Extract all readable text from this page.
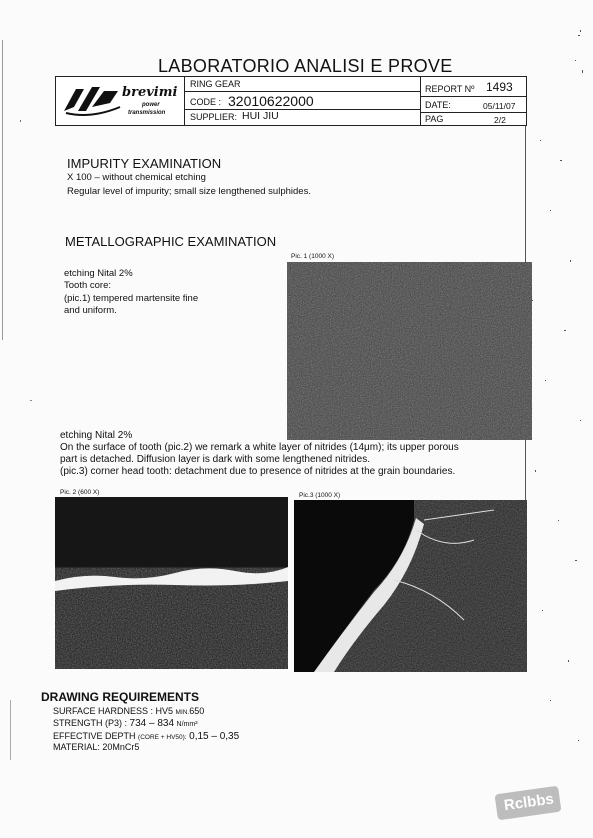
LABORATORIO ANALISI E PROVE
brevimi
power
transmission
RING GEAR
CODE : 32010622000
SUPPLIER: HUI JIU
REPORT Nº 1493
DATE:	05/11/07
PAG	2/2
IMPURITY EXAMINATION
X 100 – without chemical etching
Regular level of impurity; small size lengthened sulphides.
METALLOGRAPHIC EXAMINATION
etching Nital 2%
Tooth core:
(pic.1) tempered martensite fine
and uniform.
Pic. 1 (1000 X)
etching Nital 2%
On the surface of tooth (pic.2) we remark a white layer of nitrides (14μm); its upper porous
part is detached. Diffusion layer is dark with some lengthened nitrides.
(pic.3) corner head tooth: detachment due to presence of nitrides at the grain boundaries.
Pic. 2 (600 X)	Pic.3 (1000 X)
DRAWING REQUIREMENTS
SURFACE HARDNESS : HV5 MIN.650
STRENGTH (P3) : 734 – 834 N/mm²
EFFECTIVE DEPTH (CORE + HV50): 0,15 – 0,35
MATERIAL: 20MnCr5
Rclbbs
